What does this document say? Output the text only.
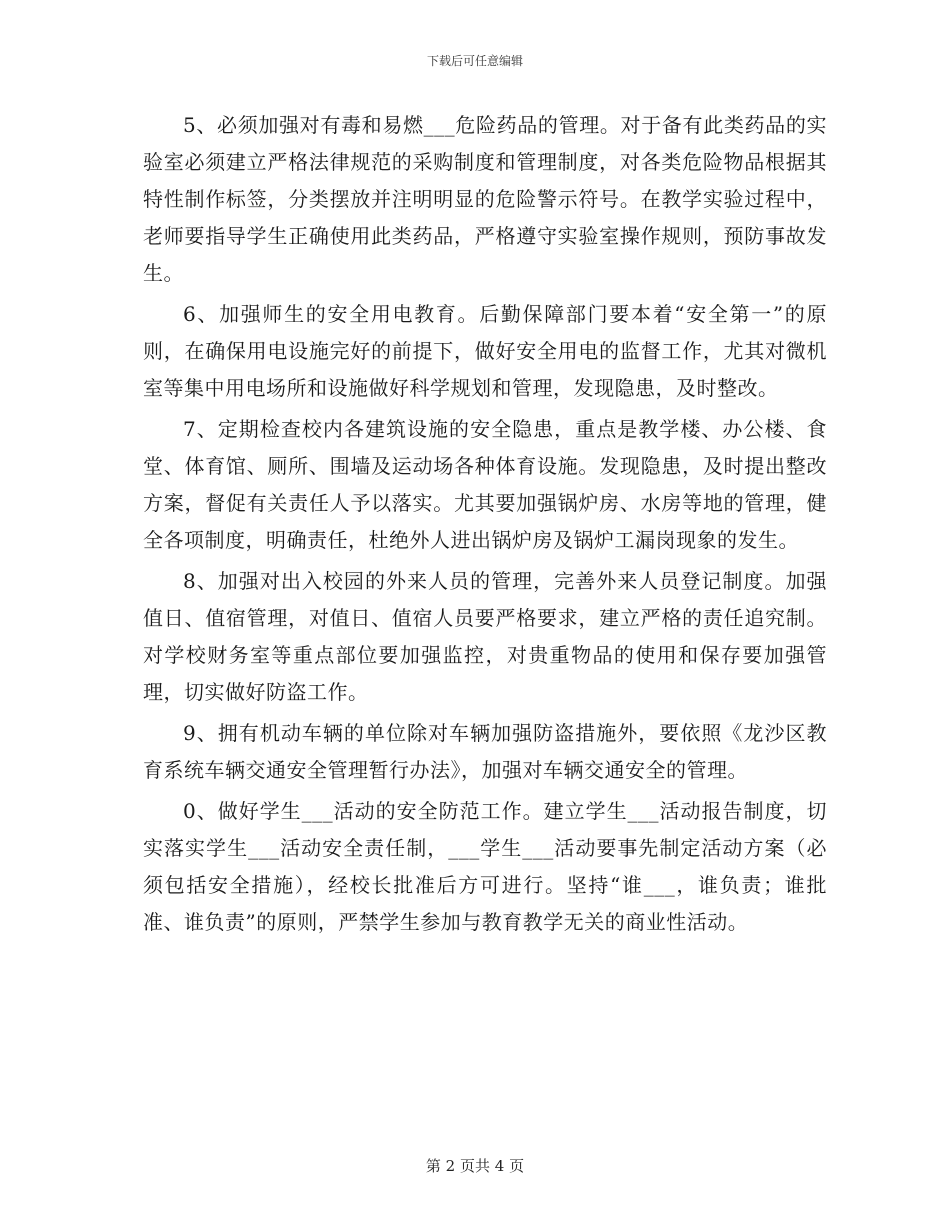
下载后可任意编辑

5、必须加强对有毒和易燃___危险药品的管理。对于备有此类药品的实验室必须建立严格法律规范的采购制度和管理制度，对各类危险物品根据其特性制作标签，分类摆放并注明明显的危险警示符号。在教学实验过程中，老师要指导学生正确使用此类药品，严格遵守实验室操作规则，预防事故发生。

6、加强师生的安全用电教育。后勤保障部门要本着“安全第一”的原则，在确保用电设施完好的前提下，做好安全用电的监督工作，尤其对微机室等集中用电场所和设施做好科学规划和管理，发现隐患，及时整改。

7、定期检查校内各建筑设施的安全隐患，重点是教学楼、办公楼、食堂、体育馆、厕所、围墙及运动场各种体育设施。发现隐患，及时提出整改方案，督促有关责任人予以落实。尤其要加强锅炉房、水房等地的管理，健全各项制度，明确责任，杜绝外人进出锅炉房及锅炉工漏岗现象的发生。

8、加强对出入校园的外来人员的管理，完善外来人员登记制度。加强值日、值宿管理，对值日、值宿人员要严格要求，建立严格的责任追究制。对学校财务室等重点部位要加强监控，对贵重物品的使用和保存要加强管理，切实做好防盗工作。

9、拥有机动车辆的单位除对车辆加强防盗措施外，要依照《龙沙区教育系统车辆交通安全管理暂行办法》，加强对车辆交通安全的管理。

0、做好学生___活动的安全防范工作。建立学生___活动报告制度，切实落实学生___活动安全责任制，___学生___活动要事先制定活动方案（必须包括安全措施），经校长批准后方可进行。坚持“谁___，谁负责；谁批准、谁负责”的原则，严禁学生参加与教育教学无关的商业性活动。

第 2 页共 4 页
